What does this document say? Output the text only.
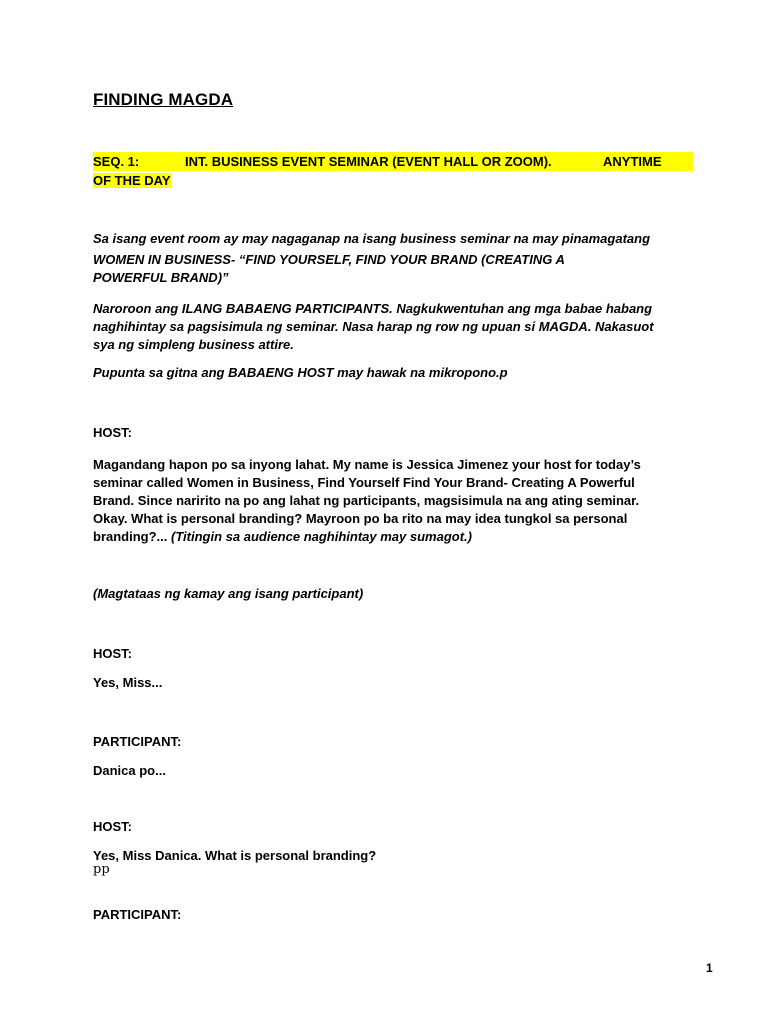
FINDING MAGDA
SEQ. 1:	INT. BUSINESS EVENT SEMINAR (EVENT HALL OR ZOOM).	ANYTIME
OF THE DAY

Sa isang event room ay may nagaganap na isang business seminar na may pinamagatang

WOMEN IN BUSINESS- “FIND YOURSELF, FIND YOUR BRAND (CREATING A POWERFUL BRAND)”

Naroroon ang ILANG BABAENG PARTICIPANTS. Nagkukwentuhan ang mga babae habang naghihintay sa pagsisimula ng seminar. Nasa harap ng row ng upuan si MAGDA. Nakasuot sya ng simpleng business attire.

Pupunta sa gitna ang BABAENG HOST may hawak na mikropono.p

HOST:

Magandang hapon po sa inyong lahat. My name is Jessica Jimenez your host for today’s seminar called Women in Business, Find Yourself Find Your Brand- Creating A Powerful Brand. Since naririto na po ang lahat ng participants, magsisimula na ang ating seminar. Okay. What is personal branding? Mayroon po ba rito na may idea tungkol sa personal branding?... (Titingin sa audience naghihintay may sumagot.)

(Magtataas ng kamay ang isang participant)

HOST:

Yes, Miss...

PARTICIPANT:

Danica po...

HOST:

Yes, Miss Danica. What is personal branding?

pp

PARTICIPANT:

1
